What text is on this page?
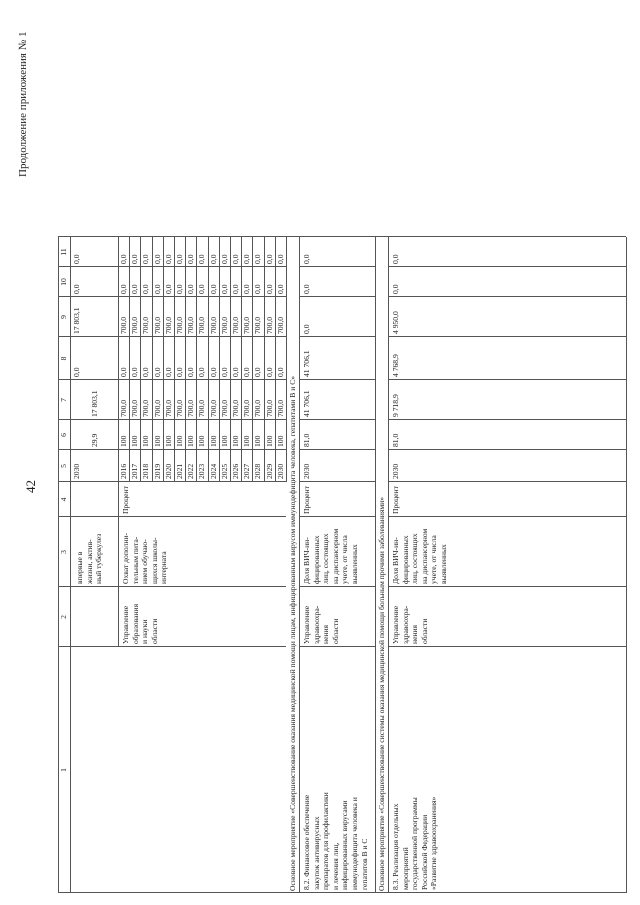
42
Продолжение приложения № 1
1
2
3
4
5
6
7
8
9
10
11
впервые в
жизни, актив-
ный туберкулез
2030
29,9
17 803,1
0,0
17 803,1
0,0
0,0
Управление
образования
и науки
области
Охват дополни-
тельным пита-
нием обучаю-
щихся школы-
интерната
Процент
2016
100
700,0
0,0
700,0
0,0
0,0
2017
100
700,0
0,0
700,0
0,0
0,0
2018
100
700,0
0,0
700,0
0,0
0,0
2019
100
700,0
0,0
700,0
0,0
0,0
2020
100
700,0
0,0
700,0
0,0
0,0
2021
100
700,0
0,0
700,0
0,0
0,0
2022
100
700,0
0,0
700,0
0,0
0,0
2023
100
700,0
0,0
700,0
0,0
0,0
2024
100
700,0
0,0
700,0
0,0
0,0
2025
100
700,0
0,0
700,0
0,0
0,0
2026
100
700,0
0,0
700,0
0,0
0,0
2027
100
700,0
0,0
700,0
0,0
0,0
2028
100
700,0
0,0
700,0
0,0
0,0
2029
100
700,0
0,0
700,0
0,0
0,0
2030
100
700,0
0,0
700,0
0,0
0,0
Основное мероприятие «Совершенствование оказания медицинской помощи лицам, инфицированным вирусом иммунодефицита человека, гепатитами B и C» 8.2. Финансовое обеспечение
закупок антивирусных
препаратов для профилактики
и лечения лиц,
инфицированных вирусами
иммунодефицита человека и
гепатитов B и C
Управление
здравоохра-
нения
области
Доля ВИЧ-ин-
фицированных
лиц, состоящих
на диспансерном
учете, от числа
выявленных
Процент
2030
81,0
41 706,1
41 706,1
0,0
0,0
0,0
Основное мероприятие «Совершенствование системы оказания медицинской помощи больным прочими заболеваниями» 8.3. Реализация отдельных
мероприятий
государственной программы
Российской Федерации
«Развитие здравоохранения»
Управление
здравоохра-
нения
области
Доля ВИЧ-ин-
фицированных
лиц, состоящих
на диспансерном
учете, от числа
выявленных
Процент
2030
81,0
9 718,9
4 768,9
4 950,0
0,0
0,0
